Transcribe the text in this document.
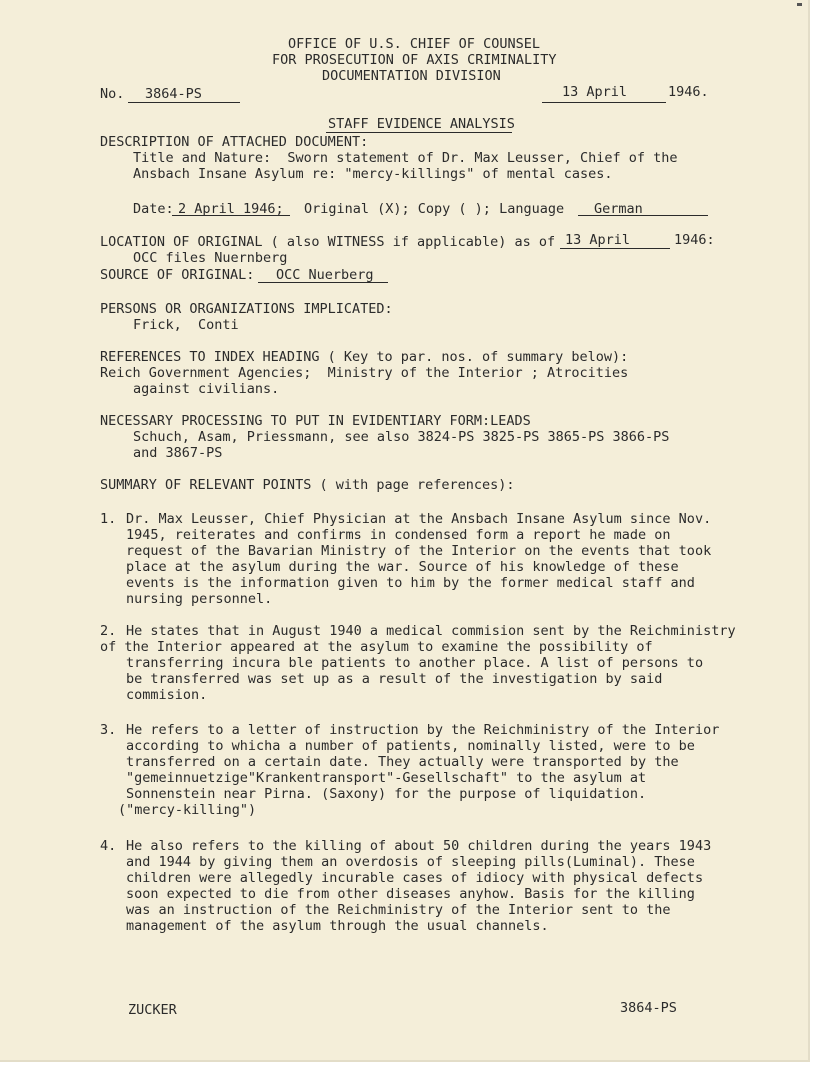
OFFICE OF U.S. CHIEF OF COUNSEL
FOR PROSECUTION OF AXIS CRIMINALITY
DOCUMENTATION DIVISION
No. 3864-PS	13 April	1946.
STAFF EVIDENCE ANALYSIS
DESCRIPTION OF ATTACHED DOCUMENT:
Title and Nature:  Sworn statement of Dr. Max Leusser, Chief of the
Ansbach Insane Asylum re: "mercy-killings" of mental cases.
Date: 2 April 1946; Original (X); Copy ( ); Language German
LOCATION OF ORIGINAL ( also WITNESS if applicable) as of 13 April	1946:
OCC files Nuernberg
SOURCE OF ORIGINAL: OCC Nuerberg
PERSONS OR ORGANIZATIONS IMPLICATED:
Frick,  Conti
REFERENCES TO INDEX HEADING ( Key to par. nos. of summary below):
Reich Government Agencies;  Ministry of the Interior ; Atrocities
against civilians.
NECESSARY PROCESSING TO PUT IN EVIDENTIARY FORM:LEADS
Schuch, Asam, Priessmann, see also 3824-PS 3825-PS 3865-PS 3866-PS
and 3867-PS
SUMMARY OF RELEVANT POINTS ( with page references):
1. Dr. Max Leusser, Chief Physician at the Ansbach Insane Asylum since Nov.
1945, reiterates and confirms in condensed form a report he made on
request of the Bavarian Ministry of the Interior on the events that took
place at the asylum during the war. Source of his knowledge of these
events is the information given to him by the former medical staff and
nursing personnel.
2. He states that in August 1940 a medical commision sent by the Reichministry
of the Interior appeared at the asylum to examine the possibility of
transferring incura ble patients to another place. A list of persons to
be transferred was set up as a result of the investigation by said
commision.
3. He refers to a letter of instruction by the Reichministry of the Interior
according to whicha a number of patients, nominally listed, were to be
transferred on a certain date. They actually were transported by the
"gemeinnuetzige"Krankentransport"-Gesellschaft" to the asylum at
Sonnenstein near Pirna. (Saxony) for the purpose of liquidation.
("mercy-killing")
4. He also refers to the killing of about 50 children during the years 1943
and 1944 by giving them an overdosis of sleeping pills(Luminal). These
children were allegedly incurable cases of idiocy with physical defects
soon expected to die from other diseases anyhow. Basis for the killing
was an instruction of the Reichministry of the Interior sent to the
management of the asylum through the usual channels.
ZUCKER	3864-PS
